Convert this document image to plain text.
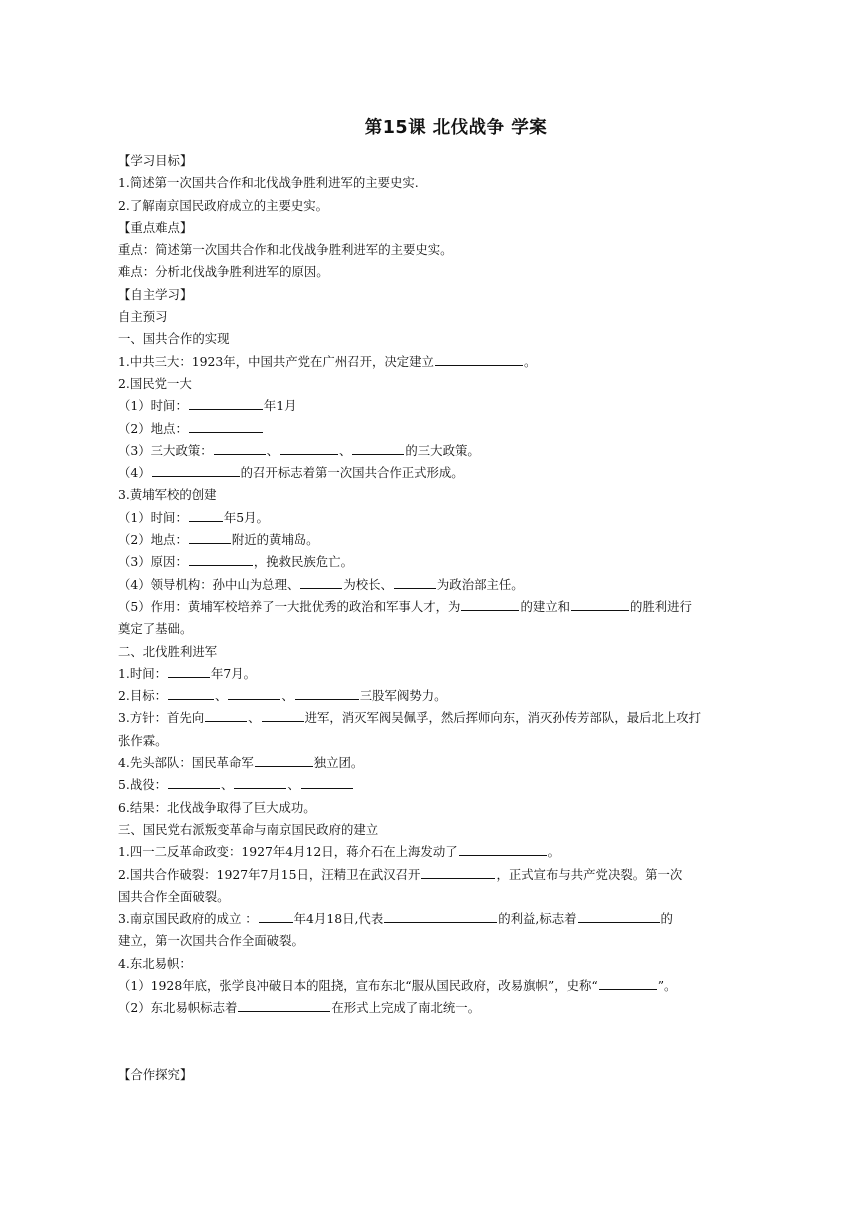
第15课 北伐战争 学案
【学习目标】
1.简述第一次国共合作和北伐战争胜利进军的主要史实.
2.了解南京国民政府成立的主要史实。
【重点难点】
重点：简述第一次国共合作和北伐战争胜利进军的主要史实。
难点：分析北伐战争胜利进军的原因。
【自主学习】
自主预习
一、国共合作的实现
1.中共三大：1923年，中国共产党在广州召开，决定建立	。
2.国民党一大
（1）时间：	年1月
（2）地点：
（3）三大政策：	、	、	的三大政策。
（4）	的召开标志着第一次国共合作正式形成。
3.黄埔军校的创建
（1）时间：	年5月。
（2）地点：	附近的黄埔岛。
（3）原因：	，挽救民族危亡。
（4）领导机构：孙中山为总理、	为校长、	为政治部主任。
（5）作用：黄埔军校培养了一大批优秀的政治和军事人才，为	的建立和	的胜利进行
奠定了基础。
二、北伐胜利进军
1.时间：	年7月。
2.目标：	、	、	三股军阀势力。
3.方针：首先向	、	进军，消灭军阀吴佩孚，然后挥师向东，消灭孙传芳部队，最后北上攻打
张作霖。
4.先头部队：国民革命军	独立团。
5.战役：	、	、
6.结果：北伐战争取得了巨大成功。
三、国民党右派叛变革命与南京国民政府的建立
1.四一二反革命政变：1927年4月12日，蒋介石在上海发动了	。
2.国共合作破裂：1927年7月15日，汪精卫在武汉召开	，正式宣布与共产党决裂。第一次
国共合作全面破裂。
3.南京国民政府的成立 ：	年4月18日,代表	的利益,标志着	的
建立，第一次国共合作全面破裂。
4.东北易帜：
（1）1928年底，张学良冲破日本的阻挠，宣布东北“服从国民政府，改易旗帜”，史称“	”。
（2）东北易帜标志着	在形式上完成了南北统一。
【合作探究】
